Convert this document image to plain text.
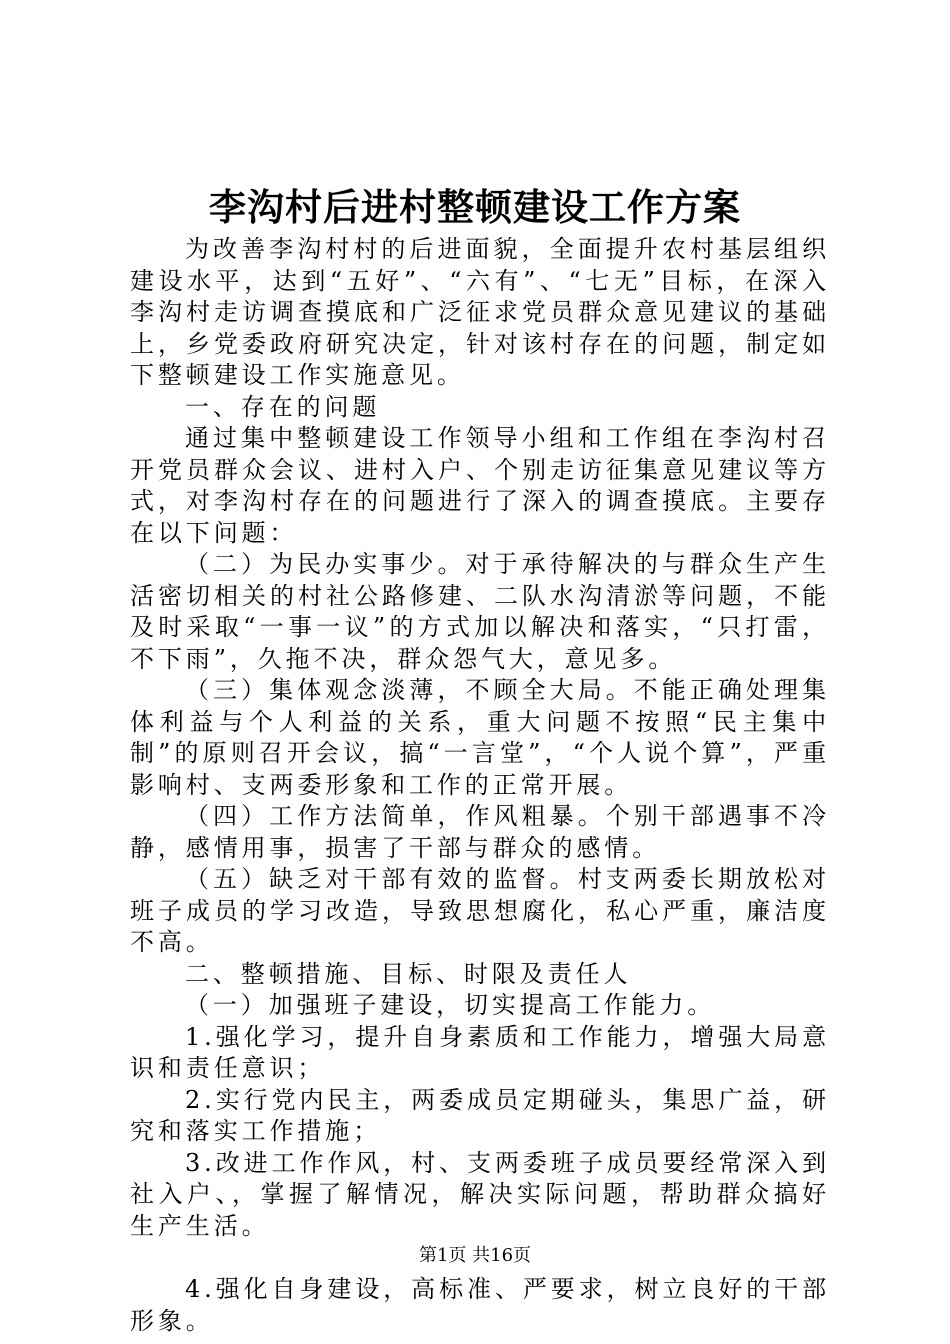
李沟村后进村整顿建设工作方案

为改善李沟村村的后进面貌，全面提升农村基层组织建设水平，达到“五好”、“六有”、“七无”目标，在深入李沟村走访调查摸底和广泛征求党员群众意见建议的基础上，乡党委政府研究决定，针对该村存在的问题，制定如下整顿建设工作实施意见。

一、存在的问题

通过集中整顿建设工作领导小组和工作组在李沟村召开党员群众会议、进村入户、个别走访征集意见建议等方式，对李沟村存在的问题进行了深入的调查摸底。主要存在以下问题：

（二）为民办实事少。对于承待解决的与群众生产生活密切相关的村社公路修建、二队水沟清淤等问题，不能及时采取“一事一议”的方式加以解决和落实，“只打雷，不下雨”，久拖不决，群众怨气大，意见多。

（三）集体观念淡薄，不顾全大局。不能正确处理集体利益与个人利益的关系，重大问题不按照“民主集中制”的原则召开会议，搞“一言堂”，“个人说个算”，严重影响村、支两委形象和工作的正常开展。

（四）工作方法简单，作风粗暴。个别干部遇事不冷静，感情用事，损害了干部与群众的感情。

（五）缺乏对干部有效的监督。村支两委长期放松对班子成员的学习改造，导致思想腐化，私心严重，廉洁度不高。

二、整顿措施、目标、时限及责任人

（一）加强班子建设，切实提高工作能力。

1.强化学习，提升自身素质和工作能力，增强大局意识和责任意识；

2.实行党内民主，两委成员定期碰头，集思广益，研究和落实工作措施；

3.改进工作作风，村、支两委班子成员要经常深入到社入户、，掌握了解情况，解决实际问题，帮助群众搞好生产生活。

4.强化自身建设，高标准、严要求，树立良好的干部形象。

第1页 共16页
